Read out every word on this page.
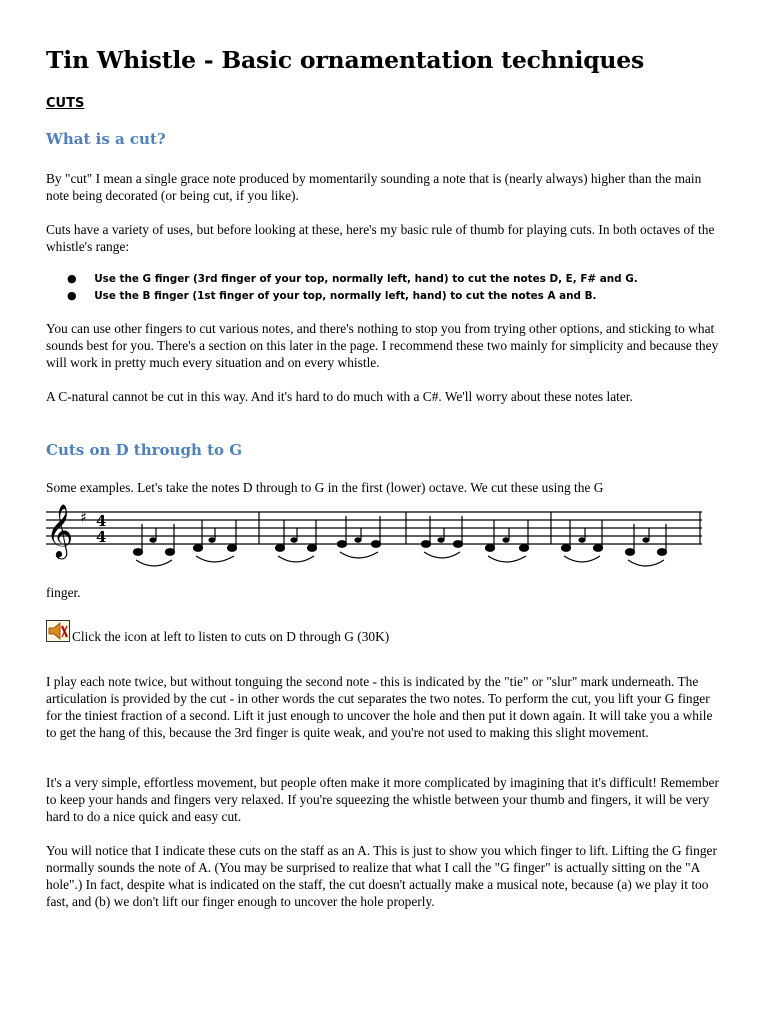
Tin Whistle - Basic ornamentation techniques
CUTS
What is a cut?
By "cut" I mean a single grace note produced by momentarily sounding a note that is (nearly always) higher than the main note being decorated (or being cut, if you like).
Cuts have a variety of uses, but before looking at these, here's my basic rule of thumb for playing cuts. In both octaves of the whistle's range:
● Use the G finger (3rd finger of your top, normally left, hand) to cut the notes D, E, F# and G.
● Use the B finger (1st finger of your top, normally left, hand) to cut the notes A and B.
You can use other fingers to cut various notes, and there's nothing to stop you from trying other options, and sticking to what sounds best for you. There's a section on this later in the page. I recommend these two mainly for simplicity and because they will work in pretty much every situation and on every whistle.
A C-natural cannot be cut in this way. And it's hard to do much with a C#. We'll worry about these notes later.
Cuts on D through to G
Some examples. Let's take the notes D through to G in the first (lower) octave. We cut these using the G
𝄞 ♯ 4
4
finger.
Click the icon at left to listen to cuts on D through G (30K)
I play each note twice, but without tonguing the second note - this is indicated by the "tie" or "slur" mark underneath. The articulation is provided by the cut - in other words the cut separates the two notes. To perform the cut, you lift your G finger for the tiniest fraction of a second. Lift it just enough to uncover the hole and then put it down again. It will take you a while to get the hang of this, because the 3rd finger is quite weak, and you're not used to making this slight movement.
It's a very simple, effortless movement, but people often make it more complicated by imagining that it's difficult! Remember to keep your hands and fingers very relaxed. If you're squeezing the whistle between your thumb and fingers, it will be very hard to do a nice quick and easy cut.
You will notice that I indicate these cuts on the staff as an A. This is just to show you which finger to lift. Lifting the G finger normally sounds the note of A. (You may be surprised to realize that what I call the "G finger" is actually sitting on the "A hole".) In fact, despite what is indicated on the staff, the cut doesn't actually make a musical note, because (a) we play it too fast, and (b) we don't lift our finger enough to uncover the hole properly.
